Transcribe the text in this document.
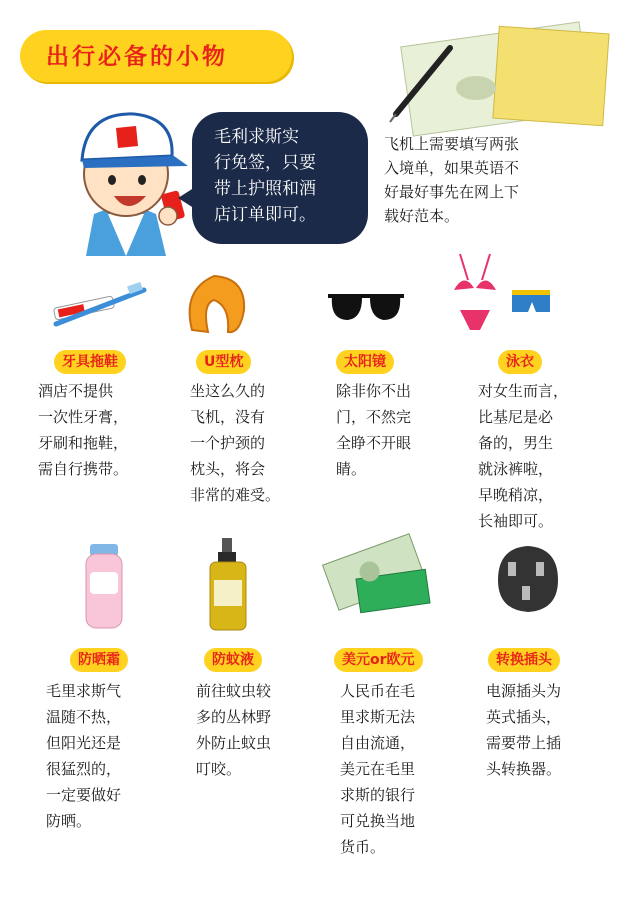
出行必备的小物
毛利求斯实
行免签，只要
带上护照和酒
店订单即可。
飞机上需要填写两张
入境单，如果英语不
好最好事先在网上下
载好范本。
牙具拖鞋
酒店不提供
一次性牙膏，
牙刷和拖鞋，
需自行携带。
U型枕
坐这么久的
飞机，没有
一个护颈的
枕头，将会
非常的难受。
太阳镜
除非你不出
门，不然完
全睁不开眼
睛。
泳衣
对女生而言，
比基尼是必
备的，男生
就泳裤啦，
早晚稍凉，
长袖即可。
防晒霜
毛里求斯气
温随不热，
但阳光还是
很猛烈的，
一定要做好
防晒。
防蚊液
前往蚊虫较
多的丛林野
外防止蚊虫
叮咬。
美元or欧元
人民币在毛
里求斯无法
自由流通，
美元在毛里
求斯的银行
可兑换当地
货币。
转换插头
电源插头为
英式插头，
需要带上插
头转换器。
